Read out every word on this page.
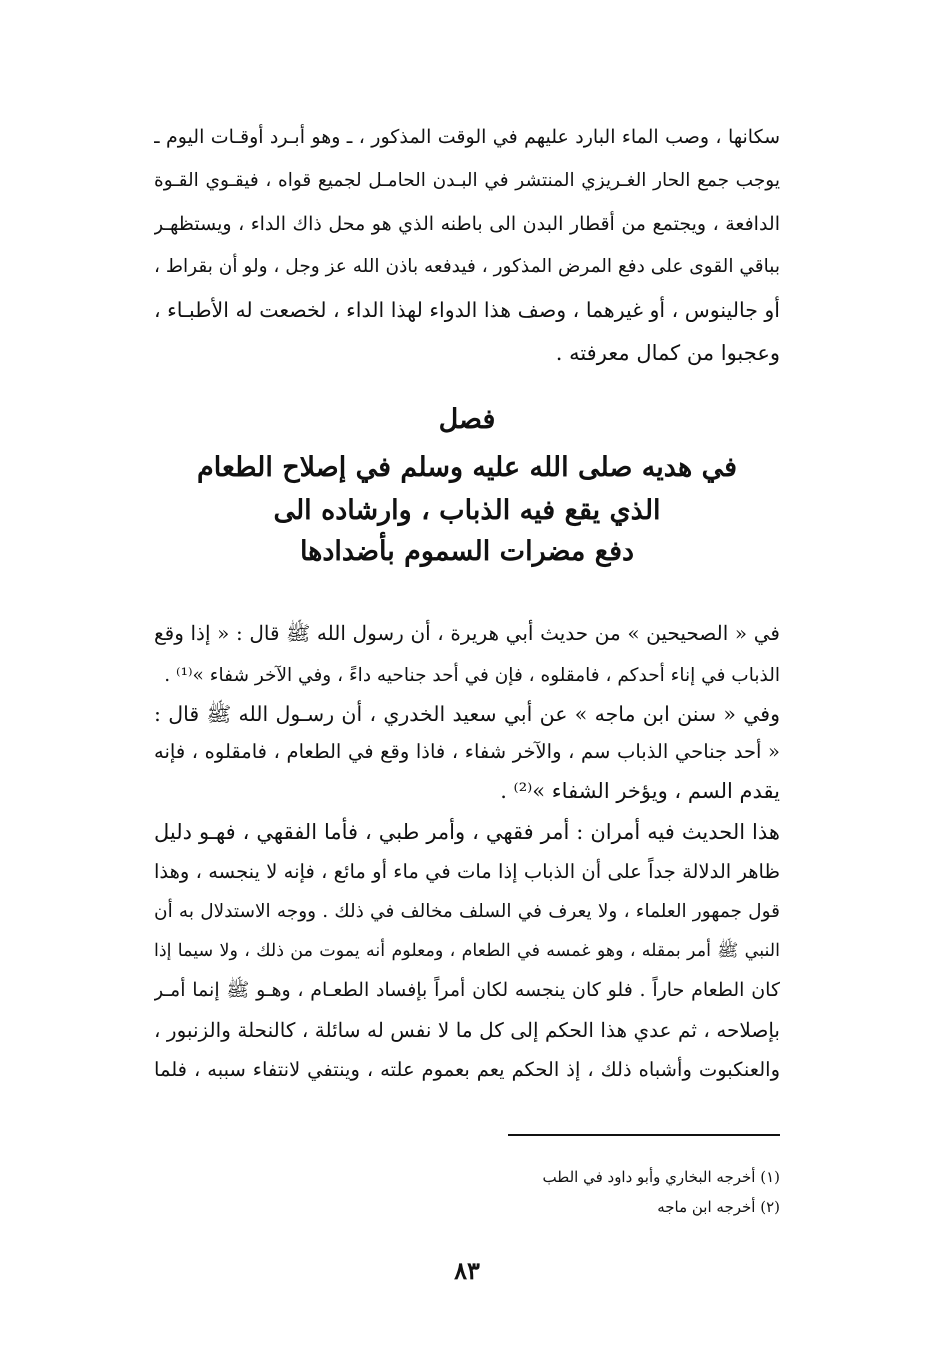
سكانها ، وصب الماء البارد عليهم في الوقت المذكور ، ـ وهو أبـرد أوقـات اليوم ـ
يوجب جمع الحار الغـريزي المنتشر في البـدن الحامـل لجميع قواه ، فيقـوي القـوة
الدافعة ، ويجتمع من أقطار البدن الى باطنه الذي هو محل ذاك الداء ، ويستظهـر
بباقي القوى على دفع المرض المذكور ، فيدفعه باذن الله عز وجل ، ولو أن بقراط ،
أو جالينوس ، أو غيرهما ، وصف هذا الدواء لهذا الداء ، لخصعت له الأطبـاء ،
وعجبوا من كمال معرفته .
فصل
في هديه صلى الله عليه وسلم في إصلاح الطعام
الذي يقع فيه الذباب ، وارشاده الى
دفع مضرات السموم بأضدادها
في « الصحيحين » من حديث أبي هريرة ، أن رسول الله ﷺ قال : « إذا وقع
الذباب في إناء أحدكم ، فامقلوه ، فإن في أحد جناحيه داءً ، وفي الآخر شفاء »⁽¹⁾ .
وفي « سنن ابن ماجه » عن أبي سعيد الخدري ، أن رسـول الله ﷺ قال :
« أحد جناحي الذباب سم ، والآخر شفاء ، فاذا وقع في الطعام ، فامقلوه ، فإنه
يقدم السم ، ويؤخر الشفاء »⁽²⁾ .
هذا الحديث فيه أمران : أمر فقهي ، وأمر طبي ، فأما الفقهي ، فهـو دليل
ظاهر الدلالة جداً على أن الذباب إذا مات في ماء أو مائع ، فإنه لا ينجسه ، وهذا
قول جمهور العلماء ، ولا يعرف في السلف مخالف في ذلك . ووجه الاستدلال به أن
النبي ﷺ أمر بمقله ، وهو غمسه في الطعام ، ومعلوم أنه يموت من ذلك ، ولا سيما إذا
كان الطعام حاراً . فلو كان ينجسه لكان أمراً بإفساد الطعـام ، وهـو ﷺ إنما أمـر
بإصلاحه ، ثم عدي هذا الحكم إلى كل ما لا نفس له سائلة ، كالنحلة والزنبور ،
والعنكبوت وأشباه ذلك ، إذ الحكم يعم بعموم علته ، وينتفي لانتفاء سببه ، فلما
(١) أخرجه البخاري وأبو داود في الطب
(٢) أخرجه ابن ماجه
٨٣
